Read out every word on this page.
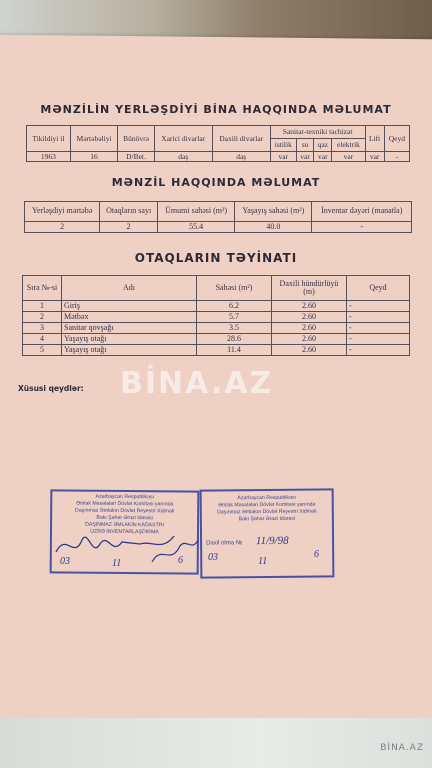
MƏNZİLİN YERLƏŞDİYİ BİNA HAQQINDA MƏLUMAT
Tikildiyi il	Mərtəbəliyi	Bünövrə	Xarici divarlar	Daxili divarlar	Sanitar-texniki təchizat				Lift	Qeyd
					istilik	su	qaz	elektrik		
1963	16	D/Bet.	daş	daş	var	var	var	var	var	-
MƏNZİL HAQQINDA MƏLUMAT
Yerləşdiyi mərtəbə	Otaqların sayı	Ümumi sahəsi (m²)	Yaşayış sahəsi (m²)	İnventar dəyəri (manatla)
2	2	55.4	40.0	-
OTAQLARIN TƏYİNATI
Sıra №-si	Adı	Sahəsi (m²)	Daxili hündürlüyü (m)	Qeyd
1	Giriş	6.2	2.60	-
2	Mətbəx	5.7	2.60	-
3	Sanitar qovşağı	3.5	2.60	-
4	Yaşayış otağı	28.6	2.60	-
5	Yaşayış otağı	11.4	2.60	-
Xüsusi qeydlər: BİNA.AZ
Azərbaycan Respublikası
Əmlak Məsələləri Dövlət Komitəsi yanında
Daşınmaz Əmlakın Dövlət Reyestri Xidməti
Bakı Şəhər Ərazi İdarəsi
DAŞINMAZ ƏMLAKIN KADASTRI
ÜZRƏ İNVENTARLAŞDIRMA
03	11	6
Azərbaycan Respublikası
Əmlak Məsələləri Dövlət Komitəsi yanında
Daşınmaz Əmlakın Dövlət Reyestri Xidməti
Bakı Şəhər Ərazi İdarəsi
Daxil olma № 11/9/98
03	11
6
BİNA.AZ
